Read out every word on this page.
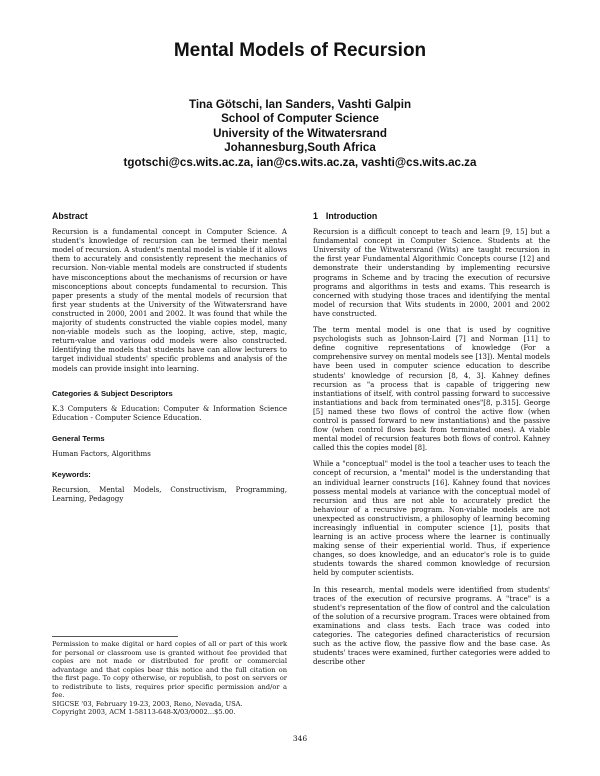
Mental Models of Recursion
Tina Götschi, Ian Sanders, Vashti Galpin
School of Computer Science
University of the Witwatersrand
Johannesburg,South Africa
tgotschi@cs.wits.ac.za, ian@cs.wits.ac.za, vashti@cs.wits.ac.za
Abstract

Recursion is a fundamental concept in Computer Science. A student's knowledge of recursion can be termed their mental model of recursion. A student's mental model is viable if it allows them to accurately and consistently represent the mechanics of recursion. Non-viable mental models are constructed if students have misconceptions about the mechanisms of recursion or have misconceptions about concepts fundamental to recursion. This paper presents a study of the mental models of recursion that first year students at the University of the Witwatersrand have constructed in 2000, 2001 and 2002. It was found that while the majority of students constructed the viable copies model, many non-viable models such as the looping, active, step, magic, return-value and various odd models were also constructed. Identifying the models that students have can allow lecturers to target individual students' specific problems and analysis of the models can provide insight into learning.

Categories & Subject Descriptors

K.3 Computers & Education: Computer & Information Science Education - Computer Science Education.

General Terms

Human Factors, Algorithms

Keywords:

Recursion, Mental Models, Constructivism, Programming, Learning, Pedagogy

Permission to make digital or hard copies of all or part of this work for personal or classroom use is granted without fee provided that copies are not made or distributed for profit or commercial advantage and that copies bear this notice and the full citation on the first page. To copy otherwise, or republish, to post on servers or to redistribute to lists, requires prior specific permission and/or a fee.

SIGCSE '03, February 19-23, 2003, Reno, Nevada, USA.

Copyright 2003, ACM 1-58113-648-X/03/0002...$5.00.

1 Introduction

Recursion is a difficult concept to teach and learn [9, 15] but a fundamental concept in Computer Science. Students at the University of the Witwatersrand (Wits) are taught recursion in the first year Fundamental Algorithmic Concepts course [12] and demonstrate their understanding by implementing recursive programs in Scheme and by tracing the execution of recursive programs and algorithms in tests and exams. This research is concerned with studying those traces and identifying the mental model of recursion that Wits students in 2000, 2001 and 2002 have constructed.

The term mental model is one that is used by cognitive psychologists such as Johnson-Laird [7] and Norman [11] to define cognitive representations of knowledge (For a comprehensive survey on mental models see [13]). Mental models have been used in computer science education to describe students' knowledge of recursion [8, 4, 3]. Kahney defines recursion as "a process that is capable of triggering new instantiations of itself, with control passing forward to successive instantiations and back from terminated ones"[8, p.315]. George [5] named these two flows of control the active flow (when control is passed forward to new instantiations) and the passive flow (when control flows back from terminated ones). A viable mental model of recursion features both flows of control. Kahney called this the copies model [8].

While a "conceptual" model is the tool a teacher uses to teach the concept of recursion, a "mental" model is the understanding that an individual learner constructs [16]. Kahney found that novices possess mental models at variance with the conceptual model of recursion and thus are not able to accurately predict the behaviour of a recursive program. Non-viable models are not unexpected as constructivism, a philosophy of learning becoming increasingly influential in computer science [1], posits that learning is an active process where the learner is continually making sense of their experiential world. Thus, if experience changes, so does knowledge, and an educator's role is to guide students towards the shared common knowledge of recursion held by computer scientists.

In this research, mental models were identified from students' traces of the execution of recursive programs. A "trace" is a student's representation of the flow of control and the calculation of the solution of a recursive program. Traces were obtained from examinations and class tests. Each trace was coded into categories. The categories defined characteristics of recursion such as the active flow, the passive flow and the base case. As students' traces were examined, further categories were added to describe other

346
